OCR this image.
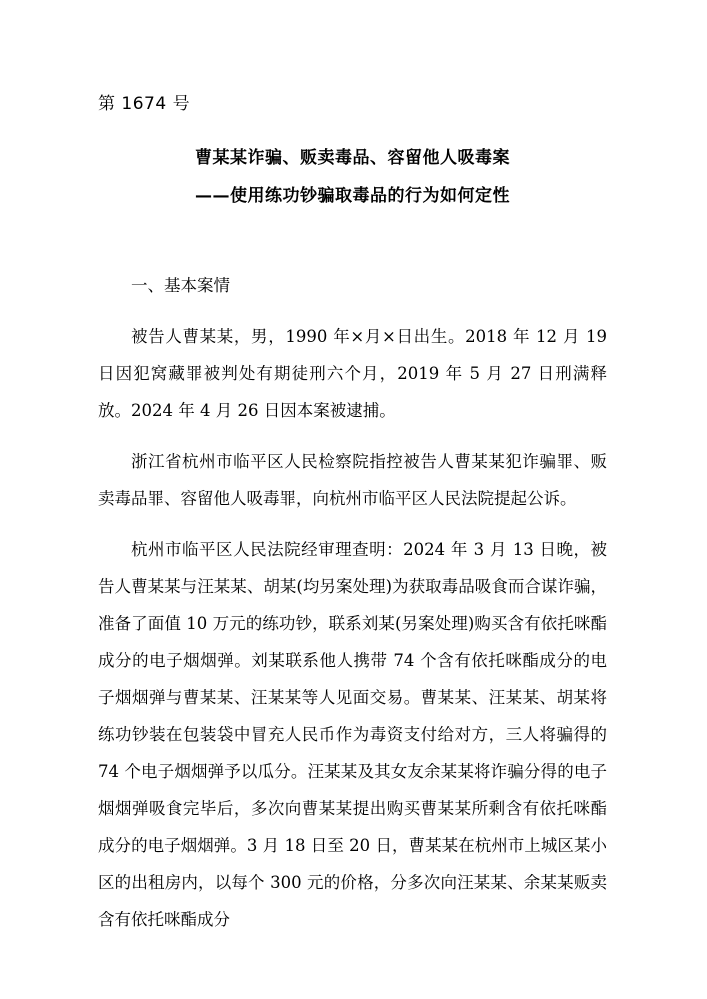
第 1674 号
曹某某诈骗、贩卖毒品、容留他人吸毒案
——使用练功钞骗取毒品的行为如何定性
一、基本案情

被告人曹某某，男，1990 年×月×日出生。2018 年 12 月 19 日因犯窝藏罪被判处有期徒刑六个月，2019 年 5 月 27 日刑满释放。2024 年 4 月 26 日因本案被逮捕。

浙江省杭州市临平区人民检察院指控被告人曹某某犯诈骗罪、贩卖毒品罪、容留他人吸毒罪，向杭州市临平区人民法院提起公诉。

杭州市临平区人民法院经审理查明：2024 年 3 月 13 日晚，被告人曹某某与汪某某、胡某(均另案处理)为获取毒品吸食而合谋诈骗，准备了面值 10 万元的练功钞，联系刘某(另案处理)购买含有依托咪酯成分的电子烟烟弹。刘某联系他人携带 74 个含有依托咪酯成分的电子烟烟弹与曹某某、汪某某等人见面交易。曹某某、汪某某、胡某将练功钞装在包装袋中冒充人民币作为毒资支付给对方，三人将骗得的 74 个电子烟烟弹予以瓜分。汪某某及其女友余某某将诈骗分得的电子烟烟弹吸食完毕后，多次向曹某某提出购买曹某某所剩含有依托咪酯成分的电子烟烟弹。3 月 18 日至 20 日，曹某某在杭州市上城区某小区的出租房内，以每个 300 元的价格，分多次向汪某某、余某某贩卖含有依托咪酯成分
